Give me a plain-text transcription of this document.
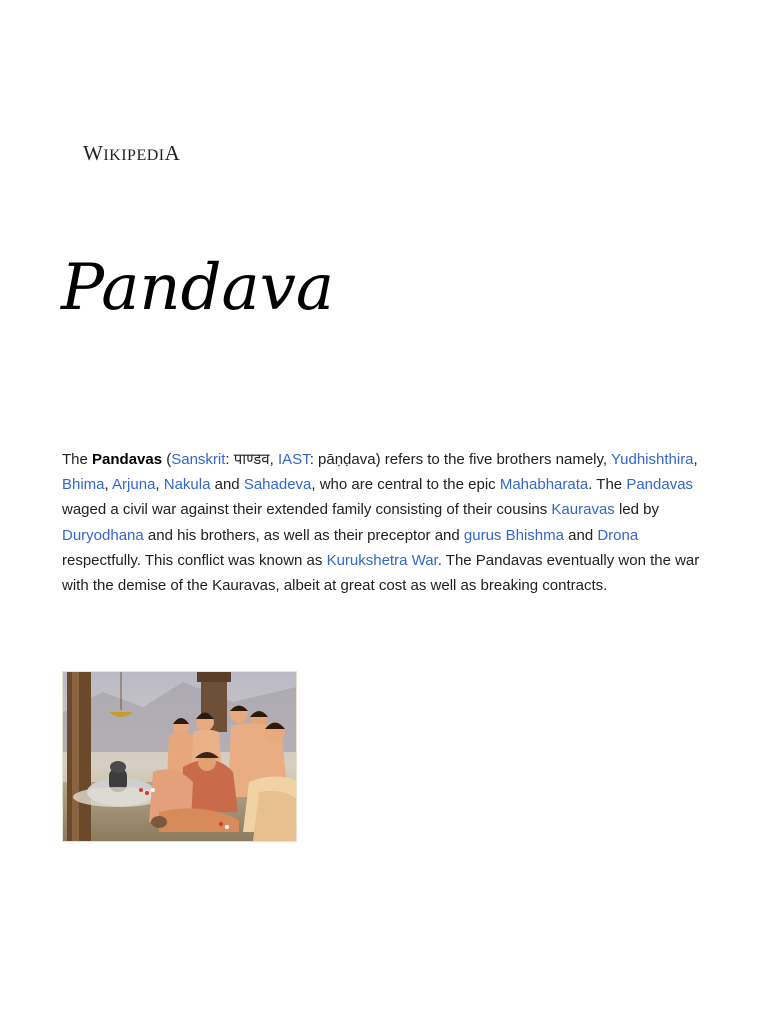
WIKIPEDIA
Pandava

The Pandavas (Sanskrit: पाण्डव, IAST: pāṇḍava) refers to the five brothers namely, Yudhishthira, Bhima, Arjuna, Nakula and Sahadeva, who are central to the epic Mahabharata. The Pandavas waged a civil war against their extended family consisting of their cousins Kauravas led by Duryodhana and his brothers, as well as their preceptor and gurus Bhishma and Drona respectfully. This conflict was known as Kurukshetra War. The Pandavas eventually won the war with the demise of the Kauravas, albeit at great cost as well as breaking contracts.
